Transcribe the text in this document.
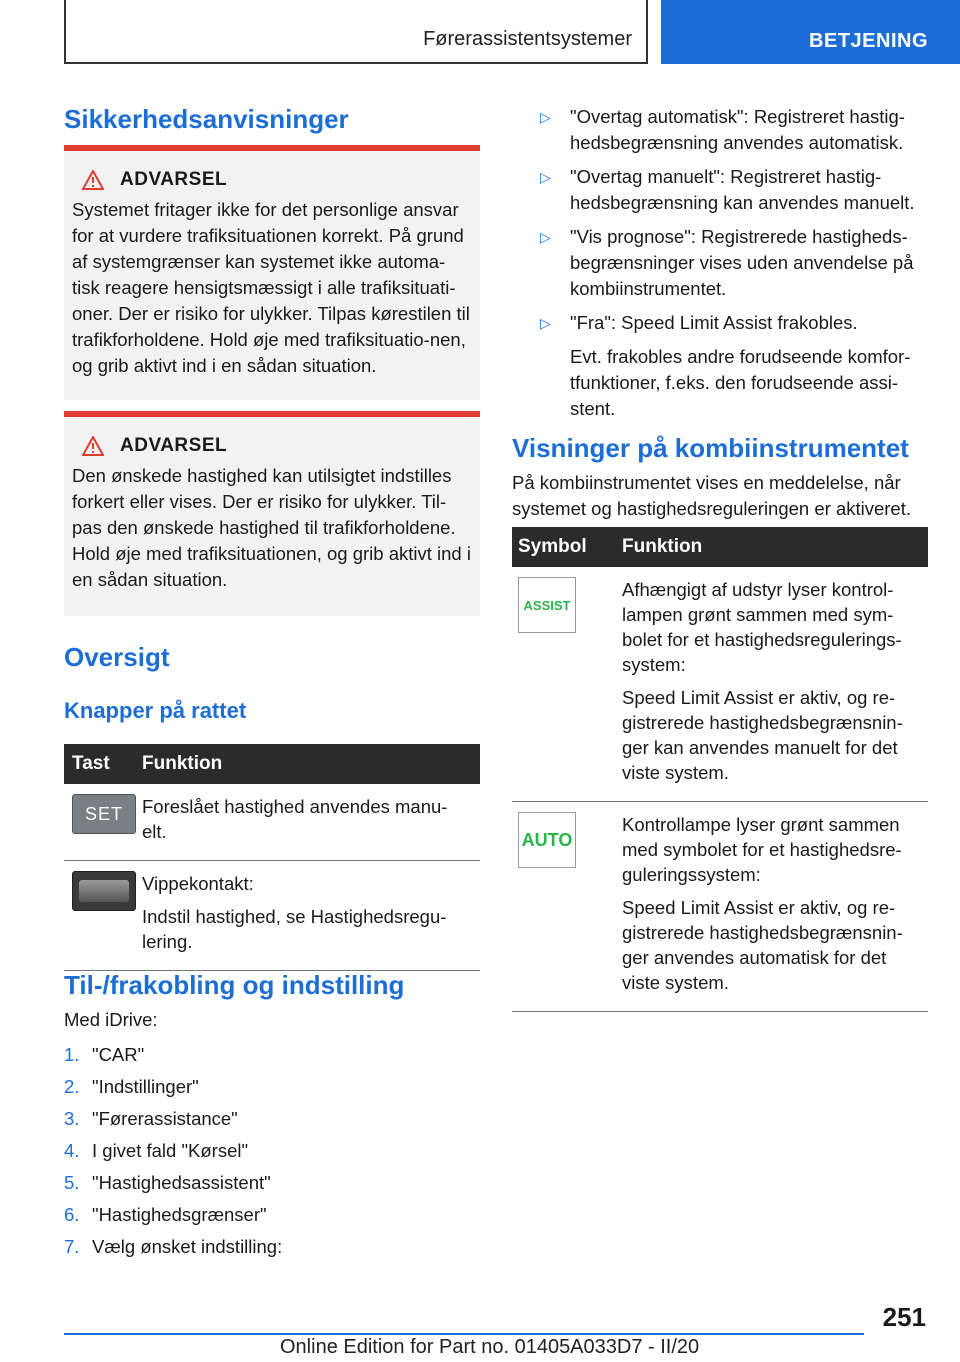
Førerassistentsystemer	BETJENING
Sikkerhedsanvisninger
ADVARSEL
Systemet fritager ikke for det personlige ansvar for at vurdere trafiksituationen korrekt. På grund af systemgrænser kan systemet ikke automa-tisk reagere hensigtsmæssigt i alle trafiksituati-oner. Der er risiko for ulykker. Tilpas kørestilen til trafikforholdene. Hold øje med trafiksituatio-nen, og grib aktivt ind i en sådan situation.
ADVARSEL
Den ønskede hastighed kan utilsigtet indstilles forkert eller vises. Der er risiko for ulykker. Til-pas den ønskede hastighed til trafikforholdene. Hold øje med trafiksituationen, og grib aktivt ind i en sådan situation.
Oversigt
Knapper på rattet
Tast	Funktion
SET	Foreslået hastighed anvendes manu-elt.

Vippekontakt:

Indstil hastighed, se Hastighedsregu-lering.

Til-/frakobling og indstilling
Med iDrive:
1. "CAR"
2. "Indstillinger"
3. "Førerassistance"
4. I givet fald "Kørsel"
5. "Hastighedsassistent"
6. "Hastighedsgrænser"
7. Vælg ønsket indstilling:
▷	"Overtag automatisk": Registreret hastig-hedsbegrænsning anvendes automatisk.
▷	"Overtag manuelt": Registreret hastig-hedsbegrænsning kan anvendes manuelt.
▷	"Vis prognose": Registrerede hastigheds-begrænsninger vises uden anvendelse på kombiinstrumentet.
▷	"Fra": Speed Limit Assist frakobles.
Evt. frakobles andre forudseende komfor-tfunktioner, f.eks. den forudseende assi-stent.
Visninger på kombiinstrumentet
På kombiinstrumentet vises en meddelelse, når systemet og hastighedsreguleringen er aktiveret.
Symbol	Funktion
ASSIST

Afhængigt af udstyr lyser kontrol-lampen grønt sammen med sym-bolet for et hastighedsregulerings-system:

Speed Limit Assist er aktiv, og re-gistrerede hastighedsbegrænsnin-ger kan anvendes manuelt for det viste system.

AUTO

Kontrollampe lyser grønt sammen med symbolet for et hastighedsre-guleringssystem:

Speed Limit Assist er aktiv, og re-gistrerede hastighedsbegrænsnin-ger anvendes automatisk for det viste system.

251
Online Edition for Part no. 01405A033D7 - II/20
